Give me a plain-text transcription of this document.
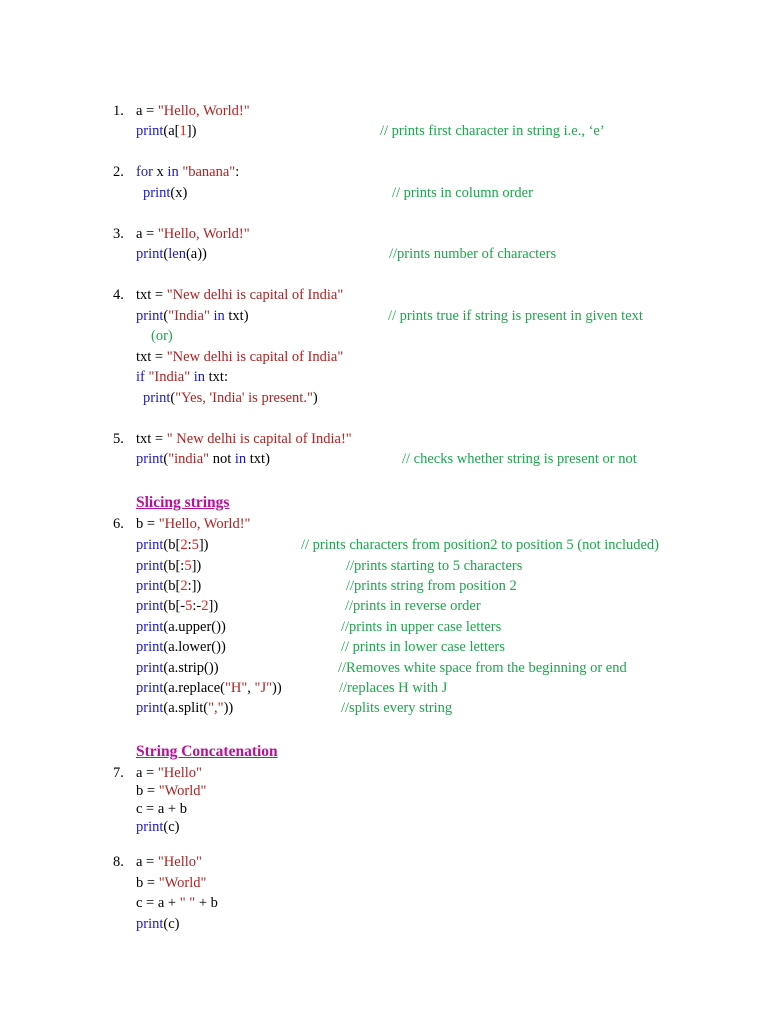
1. a = "Hello, World!"
print(a[1])	// prints first character in string i.e., ‘e’
2. for x in "banana":
print(x)	// prints in column order
3. a = "Hello, World!"
print(len(a))	//prints number of characters
4. txt = "New delhi is capital of India"
print("India" in txt)	// prints true if string is present in given text
(or)
txt = "New delhi is capital of India"
if "India" in txt:
print("Yes, 'India' is present.")
5. txt = " New delhi is capital of India!"
print("india" not in txt)	// checks whether string is present or not
Slicing strings
6. b = "Hello, World!"
print(b[2:5])	// prints characters from position2 to position 5 (not included)
print(b[:5])	//prints starting to 5 characters
print(b[2:])	//prints string from position 2
print(b[-5:-2])	//prints in reverse order
print(a.upper())	//prints in upper case letters
print(a.lower())	// prints in lower case letters
print(a.strip())	//Removes white space from the beginning or end
print(a.replace("H", "J"))	//replaces H with J
print(a.split(","))	//splits every string
String Concatenation
7. a = "Hello"
b = "World"
c = a + b
print(c)
8. a = "Hello"
b = "World"
c = a + " " + b
print(c)
